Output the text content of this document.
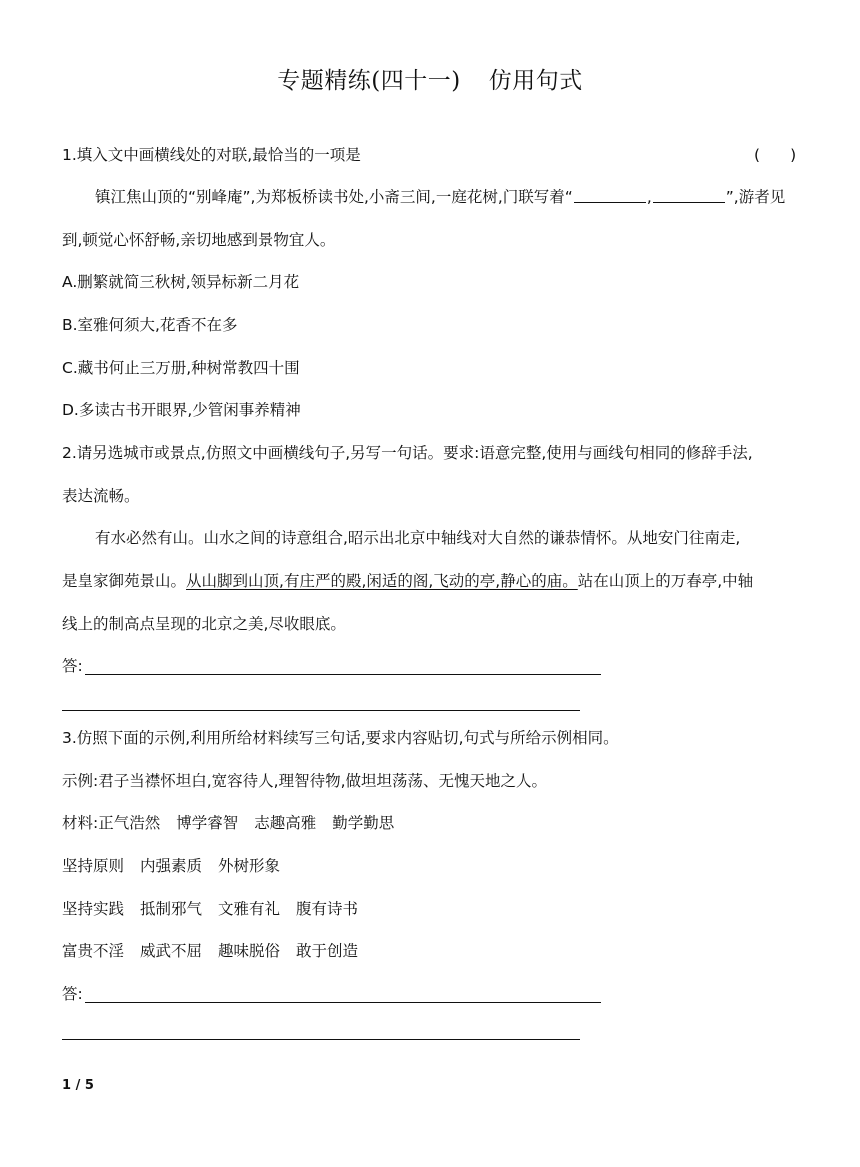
专题精练(四十一) 仿用句式
1.填入文中画横线处的对联,最恰当的一项是	( )
镇江焦山顶的“别峰庵”,为郑板桥读书处,小斋三间,一庭花树,门联写着“	,	”,游者见
到,顿觉心怀舒畅,亲切地感到景物宜人。
A.删繁就简三秋树,领异标新二月花
B.室雅何须大,花香不在多
C.藏书何止三万册,种树常教四十围
D.多读古书开眼界,少管闲事养精神
2.请另选城市或景点,仿照文中画横线句子,另写一句话。要求:语意完整,使用与画线句相同的修辞手法,
表达流畅。
有水必然有山。山水之间的诗意组合,昭示出北京中轴线对大自然的谦恭情怀。从地安门往南走,
是皇家御苑景山。从山脚到山顶,有庄严的殿,闲适的阁,飞动的亭,静心的庙。站在山顶上的万春亭,中轴
线上的制高点呈现的北京之美,尽收眼底。
答:
3.仿照下面的示例,利用所给材料续写三句话,要求内容贴切,句式与所给示例相同。
示例:君子当襟怀坦白,宽容待人,理智待物,做坦坦荡荡、无愧天地之人。
材料:正气浩然 博学睿智 志趣高雅 勤学勤思
坚持原则 内强素质 外树形象
坚持实践 抵制邪气 文雅有礼 腹有诗书
富贵不淫 威武不屈 趣味脱俗 敢于创造
答:
1 / 5
